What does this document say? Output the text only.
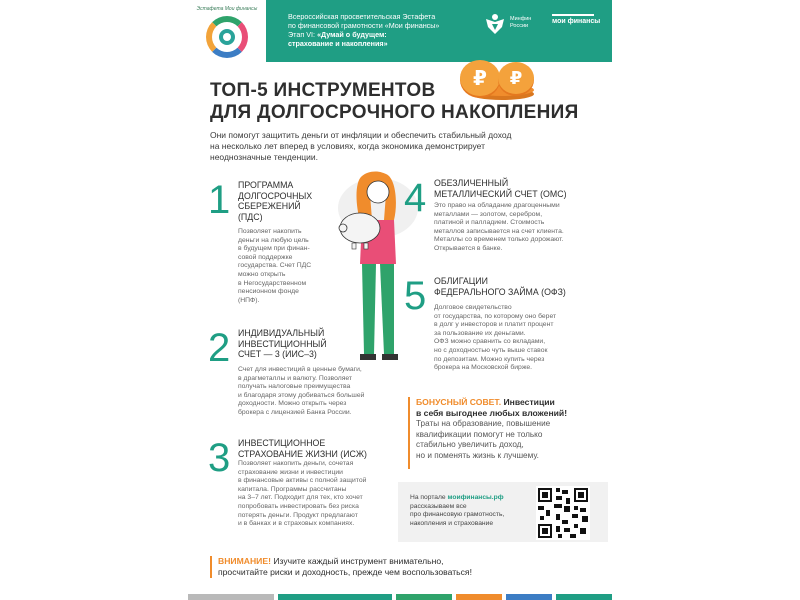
Эстафета Мои финансы
Всероссийская просветительская Эстафета
по финансовой грамотности «Мои финансы»
Этап VI: «Думай о будущем:
страхование и накопления»
Минфин
России
мои финансы
₽ ₽
ТОП-5 ИНСТРУМЕНТОВ
ДЛЯ ДОЛГОСРОЧНОГО НАКОПЛЕНИЯ
Они помогут защитить деньги от инфляции и обеспечить стабильный доход
на несколько лет вперед в условиях, когда экономика демонстрирует
неоднозначные тенденции.
1 ПРОГРАММА
ДОЛГОСРОЧНЫХ
СБЕРЕЖЕНИЙ
(ПДС)
Позволяет накопить
деньги на любую цель
в будущем при финан-
совой поддержке
государства. Счет ПДС
можно открыть
в Негосударственном
пенсионном фонде
(НПФ).
2 ИНДИВИДУАЛЬНЫЙ
ИНВЕСТИЦИОННЫЙ
СЧЕТ — 3 (ИИС–3)
Счет для инвестиций в ценные бумаги,
в драгметаллы и валюту. Позволяет
получать налоговые преимущества
и благодаря этому добиваться большей
доходности. Можно открыть через
брокера с лицензией Банка России.
3 ИНВЕСТИЦИОННОЕ
СТРАХОВАНИЕ ЖИЗНИ (ИСЖ)
Позволяет накопить деньги, сочетая
страхование жизни и инвестиции
в финансовые активы с полной защитой
капитала. Программы рассчитаны
на 3–7 лет. Подходит для тех, кто хочет
попробовать инвестировать без риска
потерять деньги. Продукт предлагают
и в банках и в страховых компаниях.
4 ОБЕЗЛИЧЕННЫЙ
МЕТАЛЛИЧЕСКИЙ СЧЕТ (ОМС)
Это право на обладание драгоценными
металлами — золотом, серебром,
платиной и палладием. Стоимость
металлов записывается на счет клиента.
Металлы со временем только дорожают.
Открывается в банке.
5 ОБЛИГАЦИИ
ФЕДЕРАЛЬНОГО ЗАЙМА (ОФЗ)
Долговое свидетельство
от государства, по которому оно берет
в долг у инвесторов и платит процент
за пользование их деньгами.
ОФЗ можно сравнить со вкладами,
но с доходностью чуть выше ставок
по депозитам. Можно купить через
брокера на Московской бирже.
БОНУСНЫЙ СОВЕТ. Инвестиции
в себя выгоднее любых вложений!
Траты на образование, повышение
квалификации помогут не только
стабильно увеличить доход,
но и поменять жизнь к лучшему.
На портале моифинансы.рф
рассказываем все
про финансовую грамотность,
накопления и страхование
ВНИМАНИЕ! Изучите каждый инструмент внимательно,
просчитайте риски и доходность, прежде чем воспользоваться!
